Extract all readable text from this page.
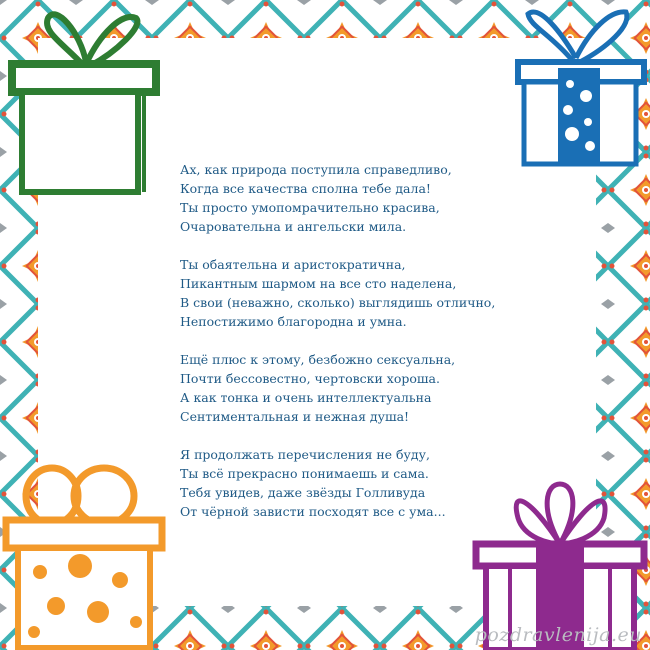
Ах, как природа поступила справедливо,
Когда все качества сполна тебе дала!
Ты просто умопомрачительно красива,
Очаровательна и ангельски мила.
Ты обаятельна и аристократична,
Пикантным шармом на все сто наделена,
В свои (неважно, сколько) выглядишь отлично,
Непостижимо благородна и умна.
Ещё плюс к этому, безбожно сексуальна,
Почти бессовестно, чертовски хороша.
А как тонка и очень интеллектуальна
Сентиментальная и нежная душа!
Я продолжать перечисления не буду,
Ты всё прекрасно понимаешь и сама.
Тебя увидев, даже звёзды Голливуда
От чёрной зависти посходят все с ума...
pozdravlenija.eu
